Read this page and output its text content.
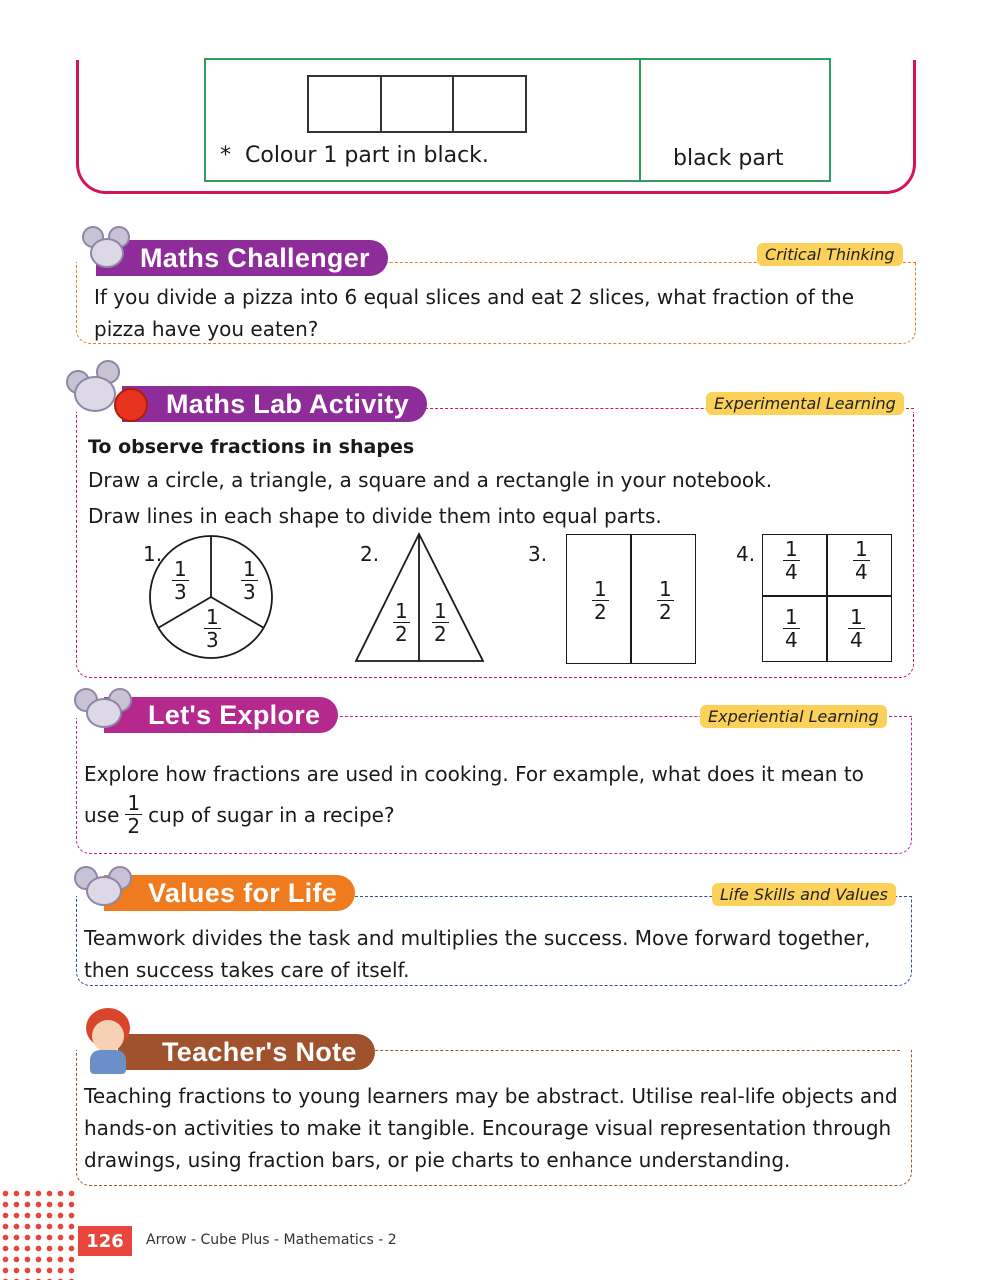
* Colour 1 part in black.	black part
Maths Challenger	Critical Thinking
If you divide a pizza into 6 equal slices and eat 2 slices, what fraction of the pizza have you eaten?
Maths Lab Activity	Experimental Learning
To observe fractions in shapes
Draw a circle, a triangle, a square and a rectangle in your notebook.
Draw lines in each shape to divide them into equal parts.
1.
$\frac{1}{3}$	$\frac{1}{3}$
$\frac{1}{3}$
2.
$\frac{1}{2} \frac{1}{2}$
3.
$\frac{1}{2} \frac{1}{2}$
4. $\frac{1}{4}$	$\frac{1}{4}$
$\frac{1}{4} \frac{1}{4}$
Let's Explore	Experiential Learning
Explore how fractions are used in cooking. For example, what does it mean to
use $\frac{1}{2}$ cup of sugar in a recipe?
Values for Life	Life Skills and Values
Teamwork divides the task and multiplies the success. Move forward together, then success takes care of itself.
Teacher's Note
Teaching fractions to young learners may be abstract. Utilise real-life objects and hands-on activities to make it tangible. Encourage visual representation through drawings, using fraction bars, or pie charts to enhance understanding.
126	Arrow - Cube Plus - Mathematics - 2
